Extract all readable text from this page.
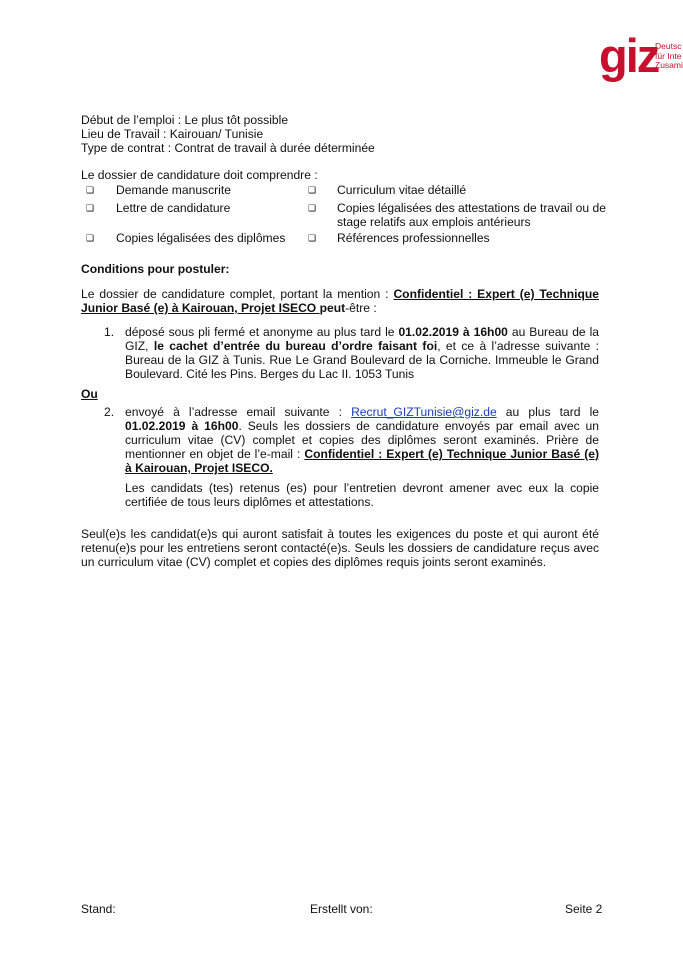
giz
Deutsc
für Inte
Zusami
Début de l’emploi : Le plus tôt possible
Lieu de Travail : Kairouan/ Tunisie
Type de contrat : Contrat de travail à durée déterminée
Le dossier de candidature doit comprendre :
❑ Demande manuscrite	❑ Curriculum vitae détaillé
❑ Lettre de candidature	❑ Copies légalisées des attestations de travail ou de stage relatifs aux emplois antérieurs
❑ Copies légalisées des diplômes	❑ Références professionnelles
Conditions pour postuler:
Le dossier de candidature complet, portant la mention : Confidentiel : Expert (e) Technique Junior Basé (e) à Kairouan, Projet ISECO peut-être :
1. déposé sous pli fermé et anonyme au plus tard le 01.02.2019 à 16h00 au Bureau de la GIZ, le cachet d’entrée du bureau d’ordre faisant foi, et ce à l’adresse suivante : Bureau de la GIZ à Tunis. Rue Le Grand Boulevard de la Corniche. Immeuble le Grand Boulevard. Cité les Pins. Berges du Lac II. 1053 Tunis
Ou
2. envoyé à l’adresse email suivante : Recrut_GIZTunisie@giz.de au plus tard le 01.02.2019 à 16h00. Seuls les dossiers de candidature envoyés par email avec un curriculum vitae (CV) complet et copies des diplômes seront examinés. Prière de mentionner en objet de l’e-mail : Confidentiel : Expert (e) Technique Junior Basé (e) à Kairouan, Projet ISECO.
Les candidats (tes) retenus (es) pour l’entretien devront amener avec eux la copie certifiée de tous leurs diplômes et attestations.
Seul(e)s les candidat(e)s qui auront satisfait à toutes les exigences du poste et qui auront été retenu(e)s pour les entretiens seront contacté(e)s. Seuls les dossiers de candidature reçus avec un curriculum vitae (CV) complet et copies des diplômes requis joints seront examinés.
Stand:	Erstellt von:	Seite 2
